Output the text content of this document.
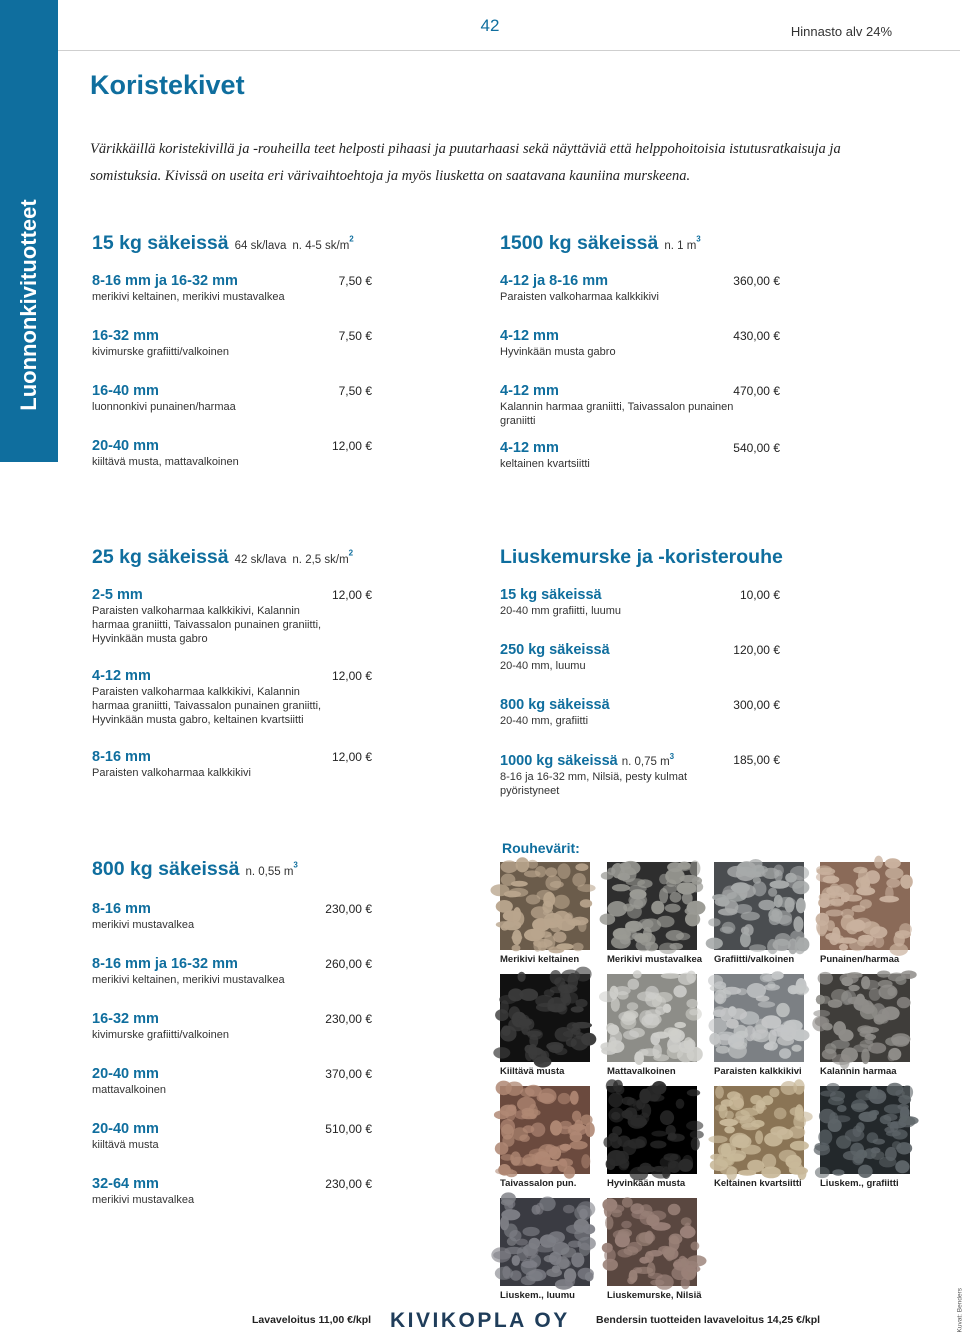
Luonnonkivituotteet
42	Hinnasto alv 24%
Koristekivet

Värikkäillä koristekivillä ja -rouheilla teet helposti pihaasi ja puutarhaasi sekä näyttäviä että helppohoitoisia istutusratkaisuja ja somistuksia. Kivissä on useita eri värivaihtoehtoja ja myös liusketta on saatavana kauniina murskeena.

15 kg säkeissä 64 sk/lava n. 4-5 $sk/m^2$
8-16 mm ja 16-32 mm
merikivi keltainen, merikivi mustavalkea
7,50 €
16-32 mm
kivimurske grafiitti/valkoinen
7,50 €
16-40 mm
luonnonkivi punainen/harmaa
7,50 €
20-40 mm
kiiltävä musta, mattavalkoinen
12,00 €
1500 kg säkeissä n. 1 $m^3$
4-12 ja 8-16 mm
Paraisten valkoharmaa kalkkikivi
360,00 €
4-12 mm
Hyvinkään musta gabro
430,00 €
4-12 mm
Kalannin harmaa graniitti, Taivassalon punainen graniitti
470,00 €
4-12 mm
keltainen kvartsiitti
540,00 €
25 kg säkeissä 42 sk/lava n. 2,5 $sk/m^2$
2-5 mm
Paraisten valkoharmaa kalkkikivi, Kalannin harmaa graniitti, Taivassalon punainen graniitti, Hyvinkään musta gabro
12,00 €
4-12 mm
Paraisten valkoharmaa kalkkikivi, Kalannin harmaa graniitti, Taivassalon punainen graniitti, Hyvinkään musta gabro, keltainen kvartsiitti
12,00 €
8-16 mm
Paraisten valkoharmaa kalkkikivi
12,00 €
Liuskemurske ja -koristerouhe
15 kg säkeissä
20-40 mm grafiitti, luumu
10,00 €
250 kg säkeissä
20-40 mm, luumu
120,00 €
800 kg säkeissä
20-40 mm, grafiitti
300,00 €
1000 kg säkeissä n. 0,75 $m^3$
8-16 ja 16-32 mm, Nilsiä, pesty kulmat pyöristyneet
185,00 €
800 kg säkeissä n. 0,55 $m^3$
8-16 mm
merikivi mustavalkea
230,00 €
8-16 mm ja 16-32 mm
merikivi keltainen, merikivi mustavalkea
260,00 €
16-32 mm
kivimurske grafiitti/valkoinen
230,00 €
20-40 mm
mattavalkoinen
370,00 €
20-40 mm
kiiltävä musta
510,00 €
32-64 mm
merikivi mustavalkea
230,00 €
Rouhevärit:
Merikivi keltainen	Merikivi mustavalkea Grafiitti/valkoinen	Punainen/harmaa
Kiiltävä musta	Mattavalkoinen	Paraisten kalkkikivi Kalannin harmaa
Taivassalon pun.	Hyvinkään musta	Keltainen kvartsiitti Liuskem., grafiitti
Liuskem., luumu	Liuskemurske, Nilsiä
Lavaveloitus 11,00 €/kpl KIVIKOPLA OY	Bendersin tuotteiden lavaveloitus 14,25 €/kpl	Kuvat: Benders
